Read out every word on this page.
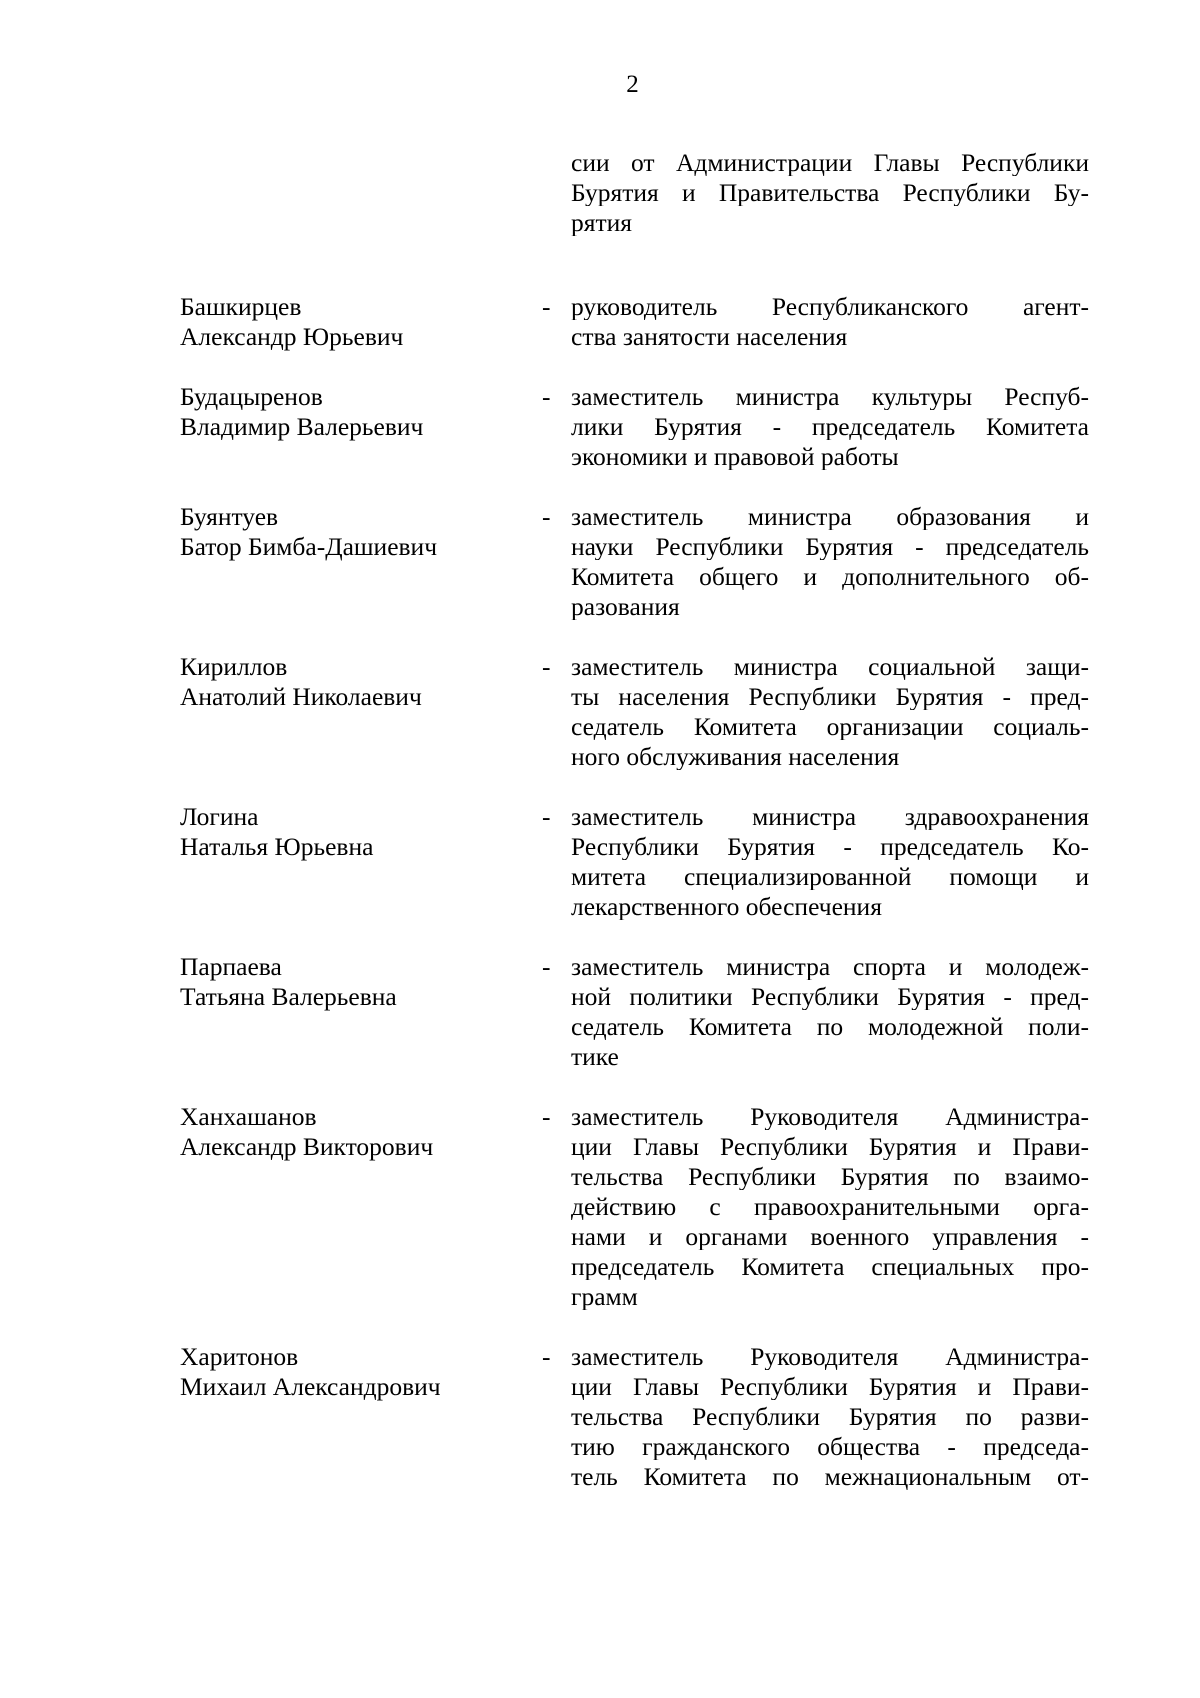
2
сии от Администрации Главы Республики
Бурятия и Правительства Республики Бу-
рятия
Башкирцев
Александр Юрьевич
- руководитель Республиканского агент-
ства занятости населения
Будацыренов
Владимир Валерьевич
- заместитель министра культуры Респуб-
лики Бурятия - председатель Комитета
экономики и правовой работы
Буянтуев
Батор Бимба-Дашиевич
- заместитель министра образования и
науки Республики Бурятия - председатель
Комитета общего и дополнительного об-
разования
Кириллов
Анатолий Николаевич
- заместитель министра социальной защи-
ты населения Республики Бурятия - пред-
седатель Комитета организации социаль-
ного обслуживания населения
Логина
Наталья Юрьевна
- заместитель министра здравоохранения
Республики Бурятия - председатель Ко-
митета специализированной помощи и
лекарственного обеспечения
Парпаева
Татьяна Валерьевна
- заместитель министра спорта и молодеж-
ной политики Республики Бурятия - пред-
седатель Комитета по молодежной поли-
тике
Ханхашанов
Александр Викторович
- заместитель Руководителя Администра-
ции Главы Республики Бурятия и Прави-
тельства Республики Бурятия по взаимо-
действию с правоохранительными орга-
нами и органами военного управления -
председатель Комитета специальных про-
грамм
Харитонов
Михаил Александрович
- заместитель Руководителя Администра-
ции Главы Республики Бурятия и Прави-
тельства Республики Бурятия по разви-
тию гражданского общества - председа-
тель Комитета по межнациональным от-
